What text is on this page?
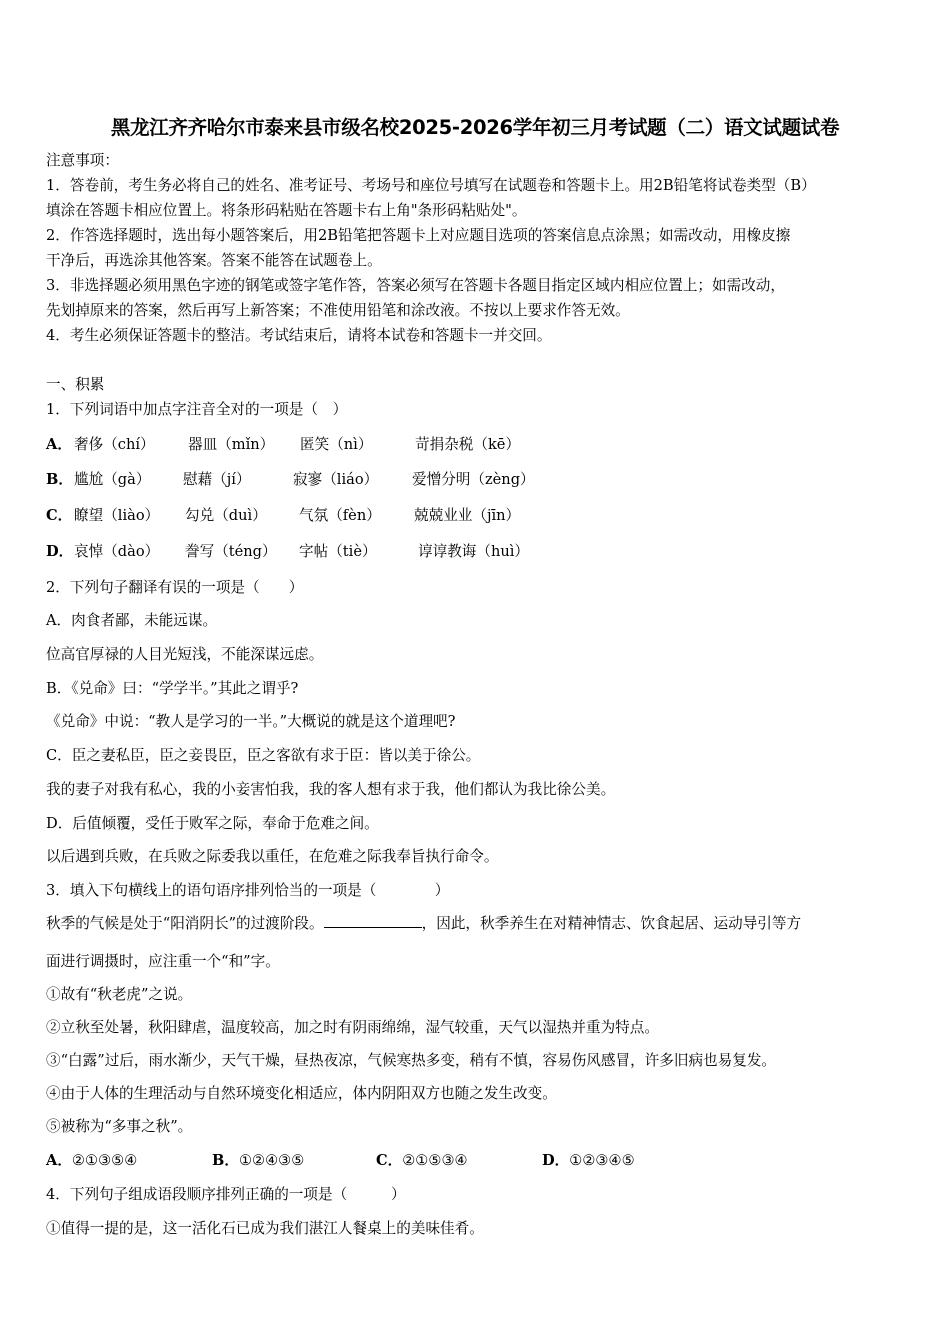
黑龙江齐齐哈尔市泰来县市级名校2025-2026学年初三月考试题（二）语文试题试卷
注意事项：
1．答卷前，考生务必将自己的姓名、准考证号、考场号和座位号填写在试题卷和答题卡上。用2B铅笔将试卷类型（B）
填涂在答题卡相应位置上。将条形码粘贴在答题卡右上角"条形码粘贴处"。
2．作答选择题时，选出每小题答案后，用2B铅笔把答题卡上对应题目选项的答案信息点涂黑；如需改动，用橡皮擦
干净后，再选涂其他答案。答案不能答在试题卷上。
3．非选择题必须用黑色字迹的钢笔或签字笔作答，答案必须写在答题卡各题目指定区域内相应位置上；如需改动，
先划掉原来的答案，然后再写上新答案；不准使用铅笔和涂改液。不按以上要求作答无效。
4．考生必须保证答题卡的整洁。考试结束后，请将本试卷和答题卡一并交回。
一、积累
1．下列词语中加点字注音全对的一项是（　）
A． 奢侈（chí） 器皿（mǐn） 匿笑（nì）	苛捐杂税（kē）
B． 尴尬（gà） 慰藉（jí）	寂寥（liáo） 爱憎分明（zèng）
C． 瞭望（liào） 勾兑（duì） 气氛（fèn） 兢兢业业（jīn）
D． 哀悼（dào） 誊写（téng） 字帖（tiè）	谆谆教诲（huì）
2．下列句子翻译有误的一项是（　　）
A．肉食者鄙，未能远谋。
位高官厚禄的人目光短浅，不能深谋远虑。
B．《兑命》曰：“学学半。”其此之谓乎?
《兑命》中说：“教人是学习的一半。”大概说的就是这个道理吧?
C．臣之妻私臣，臣之妾畏臣，臣之客欲有求于臣：皆以美于徐公。
我的妻子对我有私心，我的小妾害怕我，我的客人想有求于我，他们都认为我比徐公美。
D．后值倾覆，受任于败军之际，奉命于危难之间。
以后遇到兵败，在兵败之际委我以重任，在危难之际我奉旨执行命令。
3．填入下句横线上的语句语序排列恰当的一项是（　　　　）
秋季的气候是处于“阳消阴长”的过渡阶段。	，因此，秋季养生在对精神情志、饮食起居、运动导引等方
面进行调摄时，应注重一个“和”字。
①故有“秋老虎”之说。
②立秋至处暑，秋阳肆虐，温度较高，加之时有阴雨绵绵，湿气较重，天气以湿热并重为特点。
③“白露”过后，雨水渐少，天气干燥，昼热夜凉，气候寒热多变，稍有不慎，容易伤风感冒，许多旧病也易复发。
④由于人体的生理活动与自然环境变化相适应，体内阴阳双方也随之发生改变。
⑤被称为“多事之秋”。
A．②①③⑤④	B．①②④③⑤	C．②①⑤③④	D．①②③④⑤
4．下列句子组成语段顺序排列正确的一项是（　　　）
①值得一提的是，这一活化石已成为我们湛江人餐桌上的美味佳肴。
